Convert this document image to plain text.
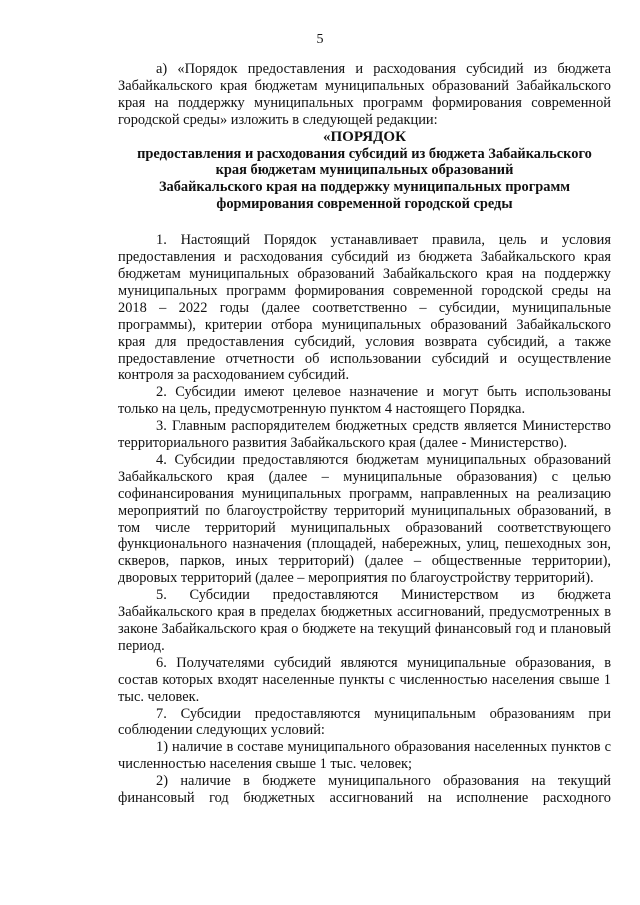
5

а) «Порядок предоставления и расходования субсидий из бюджета Забайкальского края бюджетам муниципальных образований Забайкальского края на поддержку муниципальных программ формирования современной городской среды» изложить в следующей редакции:

«ПОРЯДОК

предоставления и расходования субсидий из бюджета Забайкальского

края бюджетам муниципальных образований

Забайкальского края на поддержку муниципальных программ

формирования современной городской среды

1. Настоящий Порядок устанавливает правила, цель и условия предоставления и расходования субсидий из бюджета Забайкальского края бюджетам муниципальных образований Забайкальского края на поддержку муниципальных программ формирования современной городской среды на 2018 – 2022 годы (далее соответственно – субсидии, муниципальные программы), критерии отбора муниципальных образований Забайкальского края для предоставления субсидий, условия возврата субсидий, а также предоставление отчетности об использовании субсидий и осуществление контроля за расходованием субсидий.

2. Субсидии имеют целевое назначение и могут быть использованы только на цель, предусмотренную пунктом 4 настоящего Порядка.

3. Главным распорядителем бюджетных средств является Министерство территориального развития Забайкальского края (далее - Министерство).

4. Субсидии предоставляются бюджетам муниципальных образований Забайкальского края (далее – муниципальные образования) с целью софинансирования муниципальных программ, направленных на реализацию мероприятий по благоустройству территорий муниципальных образований, в том числе территорий муниципальных образований соответствующего функционального назначения (площадей, набережных, улиц, пешеходных зон, скверов, парков, иных территорий) (далее – общественные территории), дворовых территорий (далее – мероприятия по благоустройству территорий).

5. Субсидии предоставляются Министерством из бюджета Забайкальского края в пределах бюджетных ассигнований, предусмотренных в законе Забайкальского края о бюджете на текущий финансовый год и плановый период.

6. Получателями субсидий являются муниципальные образования, в состав которых входят населенные пункты с численностью населения свыше 1 тыс. человек.

7. Субсидии предоставляются муниципальным образованиям при соблюдении следующих условий:

1) наличие в составе муниципального образования населенных пунктов с численностью населения свыше 1 тыс. человек;

2) наличие в бюджете муниципального образования на текущий финансовый год бюджетных ассигнований на исполнение расходного
